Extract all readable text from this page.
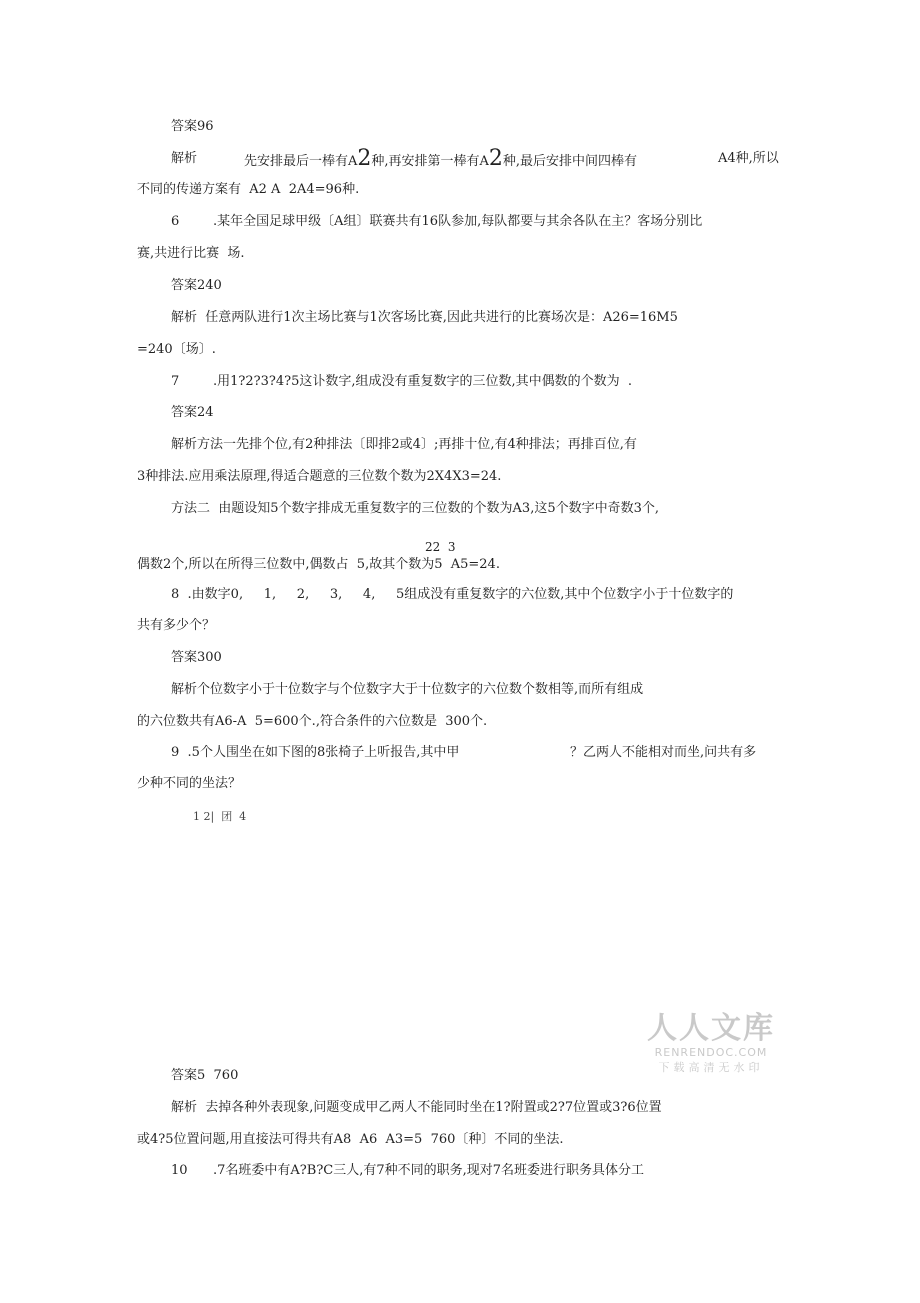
答案96
解析	先安排最后一棒有A2种,再安排第一棒有A2种,最后安排中间四棒有	A4种,所以
不同的传递方案有  A2 A  2A4=96种.
6	.某年全国足球甲级〔A组〕联赛共有16队参加,每队都要与其余各队在主？客场分别比
赛,共进行比赛  场.
答案240
解析  任意两队进行1次主场比赛与1次客场比赛,因此共进行的比赛场次是：A26=16M5
=240〔场〕.
7	.用1?2?3?4?5这讣数字,组成没有重复数字的三位数,其中偶数的个数为  .
答案24
解析方法一先排个位,有2种排法〔即排2或4〕;再排十位,有4种排法；再排百位,有
3种排法.应用乘法原理,得适合题意的三位数个数为2X4X3=24.
方法二  由题设知5个数字排成无重复数字的三位数的个数为A3,这5个数字中奇数3个,
22  3
偶数2个,所以在所得三位数中,偶数占  5,故其个数为5  A5=24.
8  .由数字0,     1,     2,     3,     4,     5组成没有重复数字的六位数,其中个位数字小于十位数字的
共有多少个？
答案300
解析个位数字小于十位数字与个位数字大于十位数字的六位数个数相等,而所有组成
的六位数共有A6-A  5=600个.,符合条件的六位数是  300个.
9  .5个人围坐在如下图的8张椅子上听报告,其中甲	？乙两人不能相对而坐,问共有多
少种不同的坐法？
1 2|  团  4
人人文库
RENRENDOC.COM
下载高清无水印
答案5  760
解析  去掉各种外表现象,问题变成甲乙两人不能同时坐在1?附置或2?7位置或3?6位置
或4?5位置问题,用直接法可得共有A8  A6  A3=5  760〔种〕不同的坐法.
10 .7名班委中有A?B?C三人,有7种不同的职务,现对7名班委进行职务具体分工
